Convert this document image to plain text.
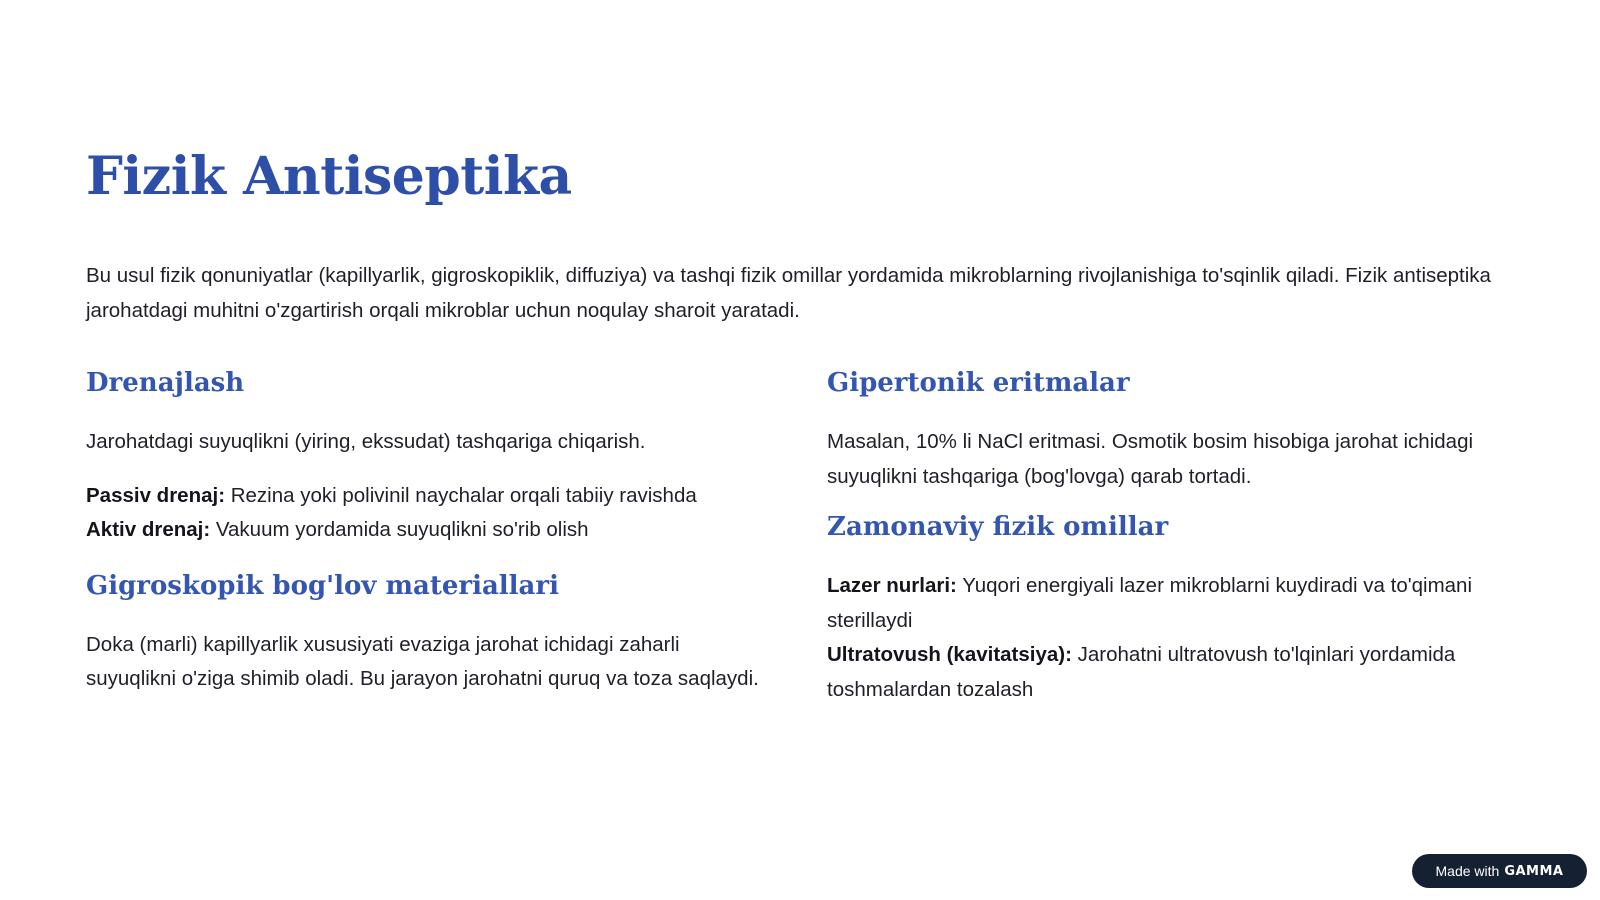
Fizik Antiseptika

Bu usul fizik qonuniyatlar (kapillyarlik, gigroskopiklik, diffuziya) va tashqi fizik omillar yordamida mikroblarning rivojlanishiga to'sqinlik qiladi. Fizik antiseptika jarohatdagi muhitni o'zgartirish orqali mikroblar uchun noqulay sharoit yaratadi.

Drenajlash

Jarohatdagi suyuqlikni (yiring, ekssudat) tashqariga chiqarish.

Passiv drenaj: Rezina yoki polivinil naychalar orqali tabiiy ravishda

Aktiv drenaj: Vakuum yordamida suyuqlikni so'rib olish

Gigroskopik bog'lov materiallari

Doka (marli) kapillyarlik xususiyati evaziga jarohat ichidagi zaharli suyuqlikni o'ziga shimib oladi. Bu jarayon jarohatni quruq va toza saqlaydi.

Gipertonik eritmalar

Masalan, 10% li NaCl eritmasi. Osmotik bosim hisobiga jarohat ichidagi suyuqlikni tashqariga (bog'lovga) qarab tortadi.

Zamonaviy fizik omillar

Lazer nurlari: Yuqori energiyali lazer mikroblarni kuydiradi va to'qimani sterillaydi

Ultratovush (kavitatsiya): Jarohatni ultratovush to'lqinlari yordamida toshmalardan tozalash

Made with GAMMA
